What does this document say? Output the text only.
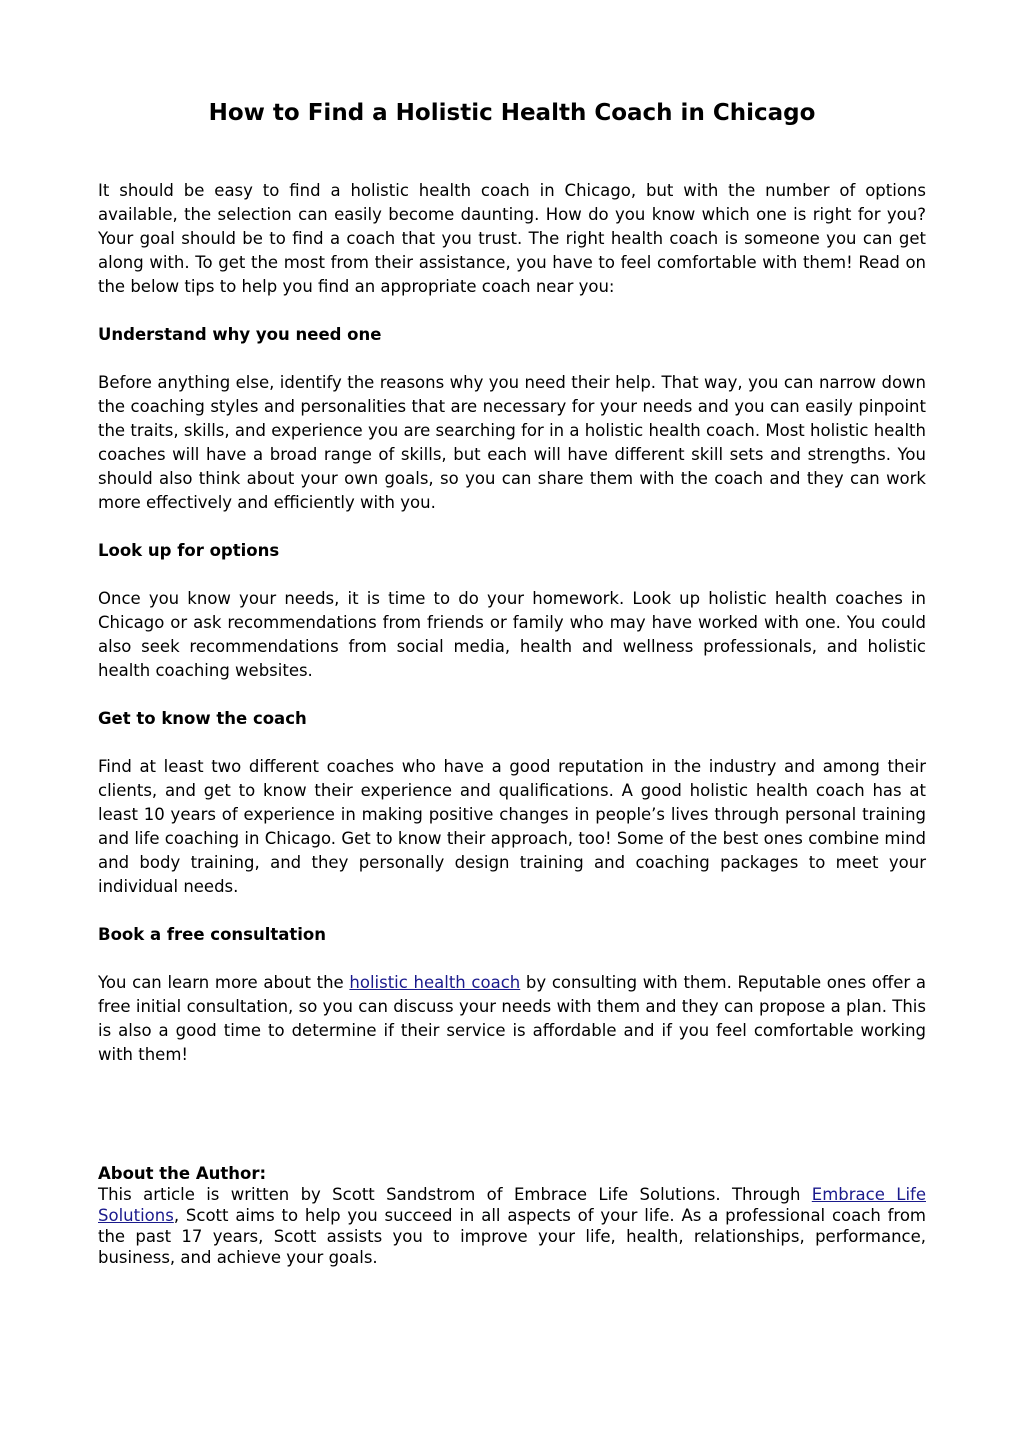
How to Find a Holistic Health Coach in Chicago

It should be easy to find a holistic health coach in Chicago, but with the number of options available, the selection can easily become daunting. How do you know which one is right for you? Your goal should be to find a coach that you trust. The right health coach is someone you can get along with. To get the most from their assistance, you have to feel comfortable with them! Read on the below tips to help you find an appropriate coach near you:

Understand why you need one

Before anything else, identify the reasons why you need their help. That way, you can narrow down the coaching styles and personalities that are necessary for your needs and you can easily pinpoint the traits, skills, and experience you are searching for in a holistic health coach. Most holistic health coaches will have a broad range of skills, but each will have different skill sets and strengths. You should also think about your own goals, so you can share them with the coach and they can work more effectively and efficiently with you.

Look up for options

Once you know your needs, it is time to do your homework. Look up holistic health coaches in Chicago or ask recommendations from friends or family who may have worked with one. You could also seek recommendations from social media, health and wellness professionals, and holistic health coaching websites.

Get to know the coach

Find at least two different coaches who have a good reputation in the industry and among their clients, and get to know their experience and qualifications. A good holistic health coach has at least 10 years of experience in making positive changes in people’s lives through personal training and life coaching in Chicago. Get to know their approach, too! Some of the best ones combine mind and body training, and they personally design training and coaching packages to meet your individual needs.

Book a free consultation

You can learn more about the holistic health coach by consulting with them. Reputable ones offer a free initial consultation, so you can discuss your needs with them and they can propose a plan. This is also a good time to determine if their service is affordable and if you feel comfortable working with them!

About the Author:

This article is written by Scott Sandstrom of Embrace Life Solutions. Through Embrace Life Solutions, Scott aims to help you succeed in all aspects of your life. As a professional coach from the past 17 years, Scott assists you to improve your life, health, relationships, performance, business, and achieve your goals.
